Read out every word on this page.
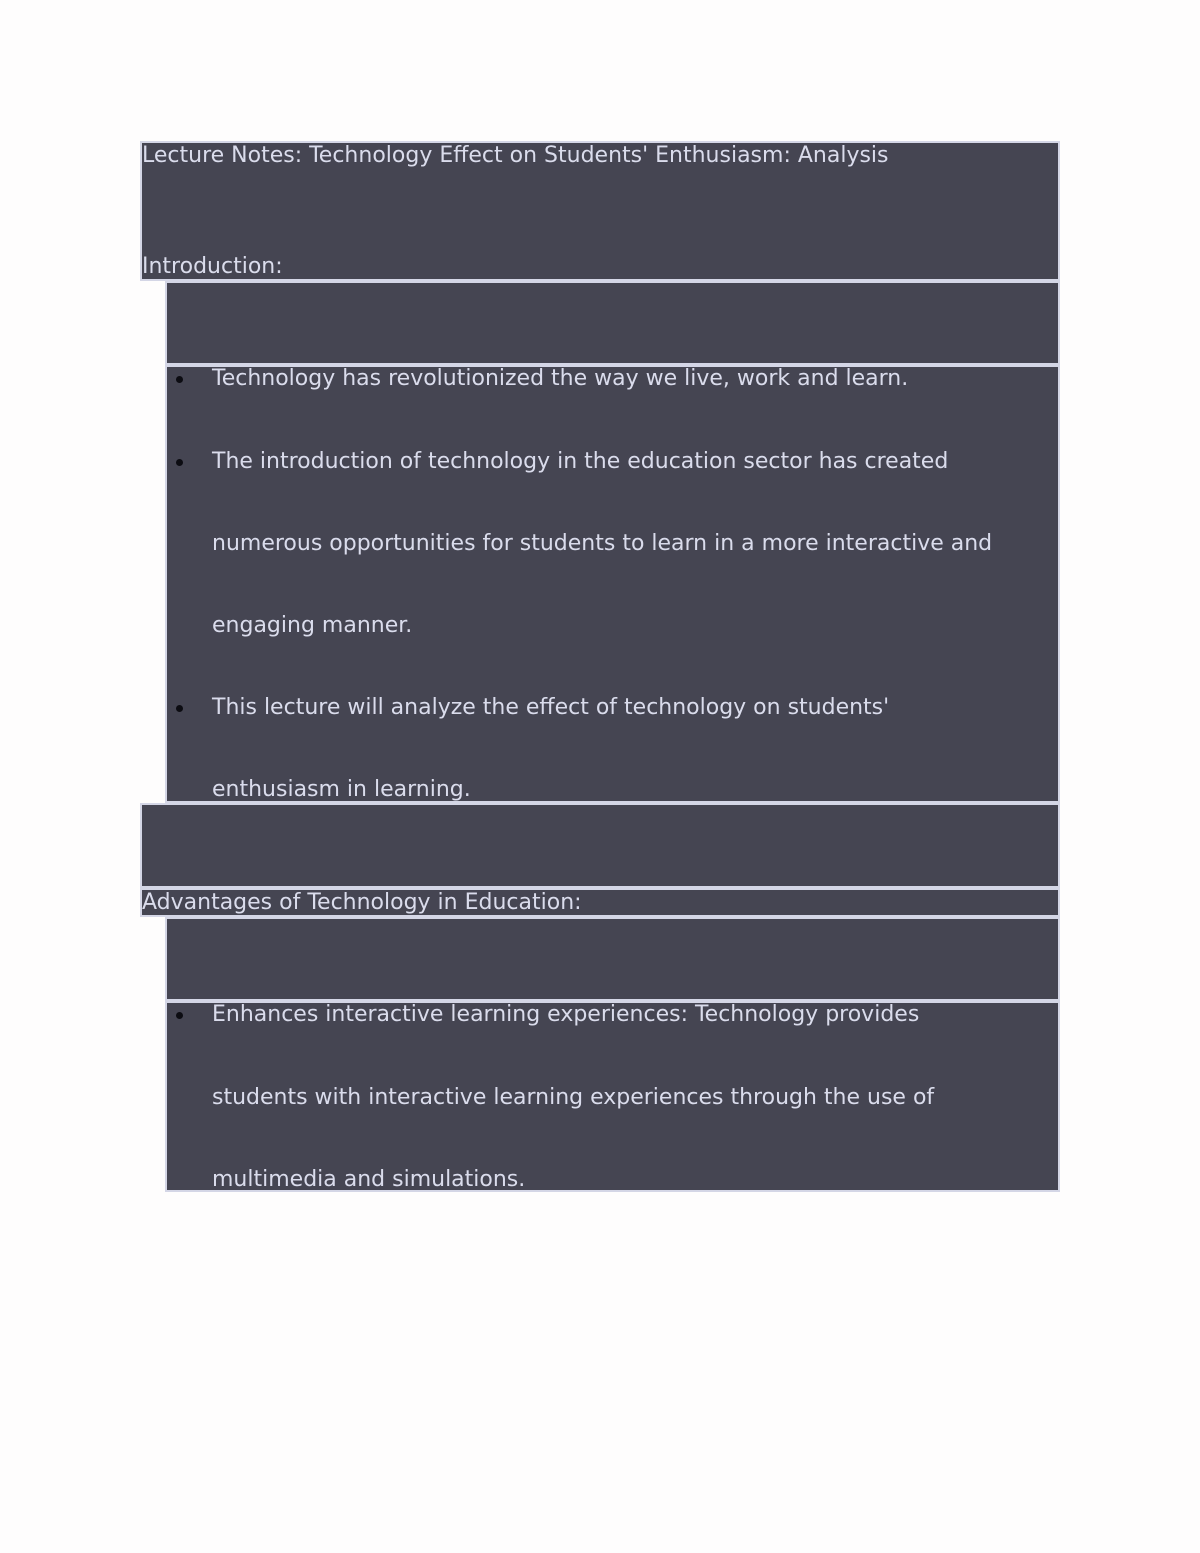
Lecture Notes: Technology Effect on Students' Enthusiasm: Analysis
Introduction:
Technology has revolutionized the way we live, work and learn.
The introduction of technology in the education sector has created
numerous opportunities for students to learn in a more interactive and
engaging manner.
This lecture will analyze the effect of technology on students'
enthusiasm in learning.
Advantages of Technology in Education:
Enhances interactive learning experiences: Technology provides
students with interactive learning experiences through the use of
multimedia and simulations.
